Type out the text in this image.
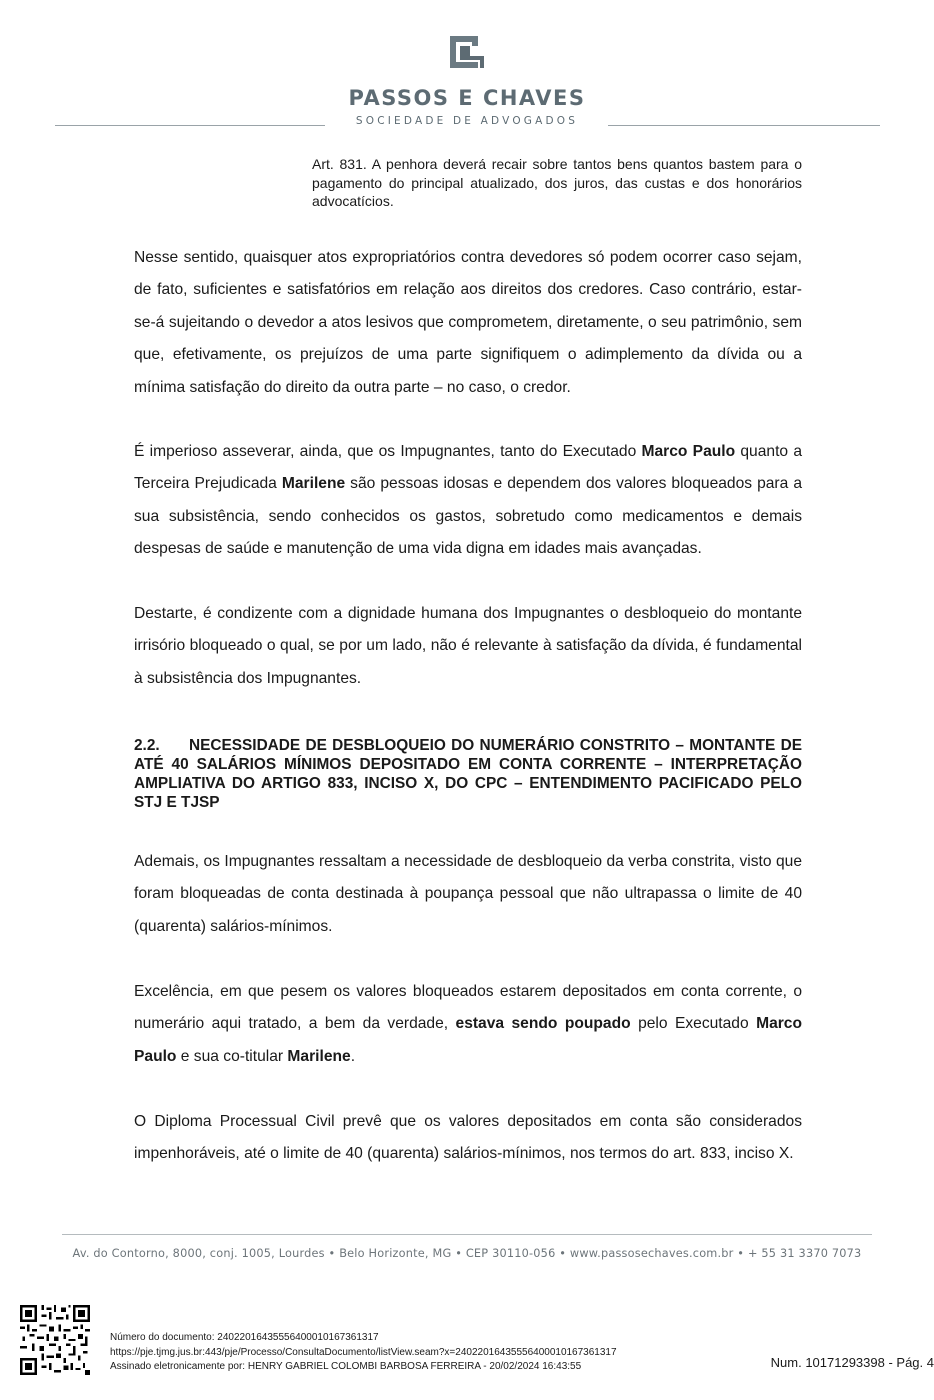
PASSOS E CHAVES
SOCIEDADE DE ADVOGADOS
Art. 831. A penhora deverá recair sobre tantos bens quantos bastem para o pagamento do principal atualizado, dos juros, das custas e dos honorários advocatícios.

Nesse sentido, quaisquer atos expropriatórios contra devedores só podem ocorrer caso sejam, de fato, suficientes e satisfatórios em relação aos direitos dos credores. Caso contrário, estar-se-á sujeitando o devedor a atos lesivos que comprometem, diretamente, o seu patrimônio, sem que, efetivamente, os prejuízos de uma parte signifiquem o adimplemento da dívida ou a mínima satisfação do direito da outra parte – no caso, o credor.

É imperioso asseverar, ainda, que os Impugnantes, tanto do Executado Marco Paulo quanto a Terceira Prejudicada Marilene são pessoas idosas e dependem dos valores bloqueados para a sua subsistência, sendo conhecidos os gastos, sobretudo como medicamentos e demais despesas de saúde e manutenção de uma vida digna em idades mais avançadas.

Destarte, é condizente com a dignidade humana dos Impugnantes o desbloqueio do montante irrisório bloqueado o qual, se por um lado, não é relevante à satisfação da dívida, é fundamental à subsistência dos Impugnantes.

2.2. NECESSIDADE DE DESBLOQUEIO DO NUMERÁRIO CONSTRITO – MONTANTE DE ATÉ 40 SALÁRIOS MÍNIMOS DEPOSITADO EM CONTA CORRENTE – INTERPRETAÇÃO AMPLIATIVA DO ARTIGO 833, INCISO X, DO CPC – ENTENDIMENTO PACIFICADO PELO STJ E TJSP

Ademais, os Impugnantes ressaltam a necessidade de desbloqueio da verba constrita, visto que foram bloqueadas de conta destinada à poupança pessoal que não ultrapassa o limite de 40 (quarenta) salários-mínimos.

Excelência, em que pesem os valores bloqueados estarem depositados em conta corrente, o numerário aqui tratado, a bem da verdade, estava sendo poupado pelo Executado Marco Paulo e sua co-titular Marilene.

O Diploma Processual Civil prevê que os valores depositados em conta são considerados impenhoráveis, até o limite de 40 (quarenta) salários-mínimos, nos termos do art. 833, inciso X.

Av. do Contorno, 8000, conj. 1005, Lourdes • Belo Horizonte, MG • CEP 30110-056 • www.passosechaves.com.br • + 55 31 3370 7073
Número do documento: 24022016435556400010167361317
https://pje.tjmg.jus.br:443/pje/Processo/ConsultaDocumento/listView.seam?x=24022016435556400010167361317
Assinado eletronicamente por: HENRY GABRIEL COLOMBI BARBOSA FERREIRA - 20/02/2024 16:43:55	Num. 10171293398 - Pág. 4
